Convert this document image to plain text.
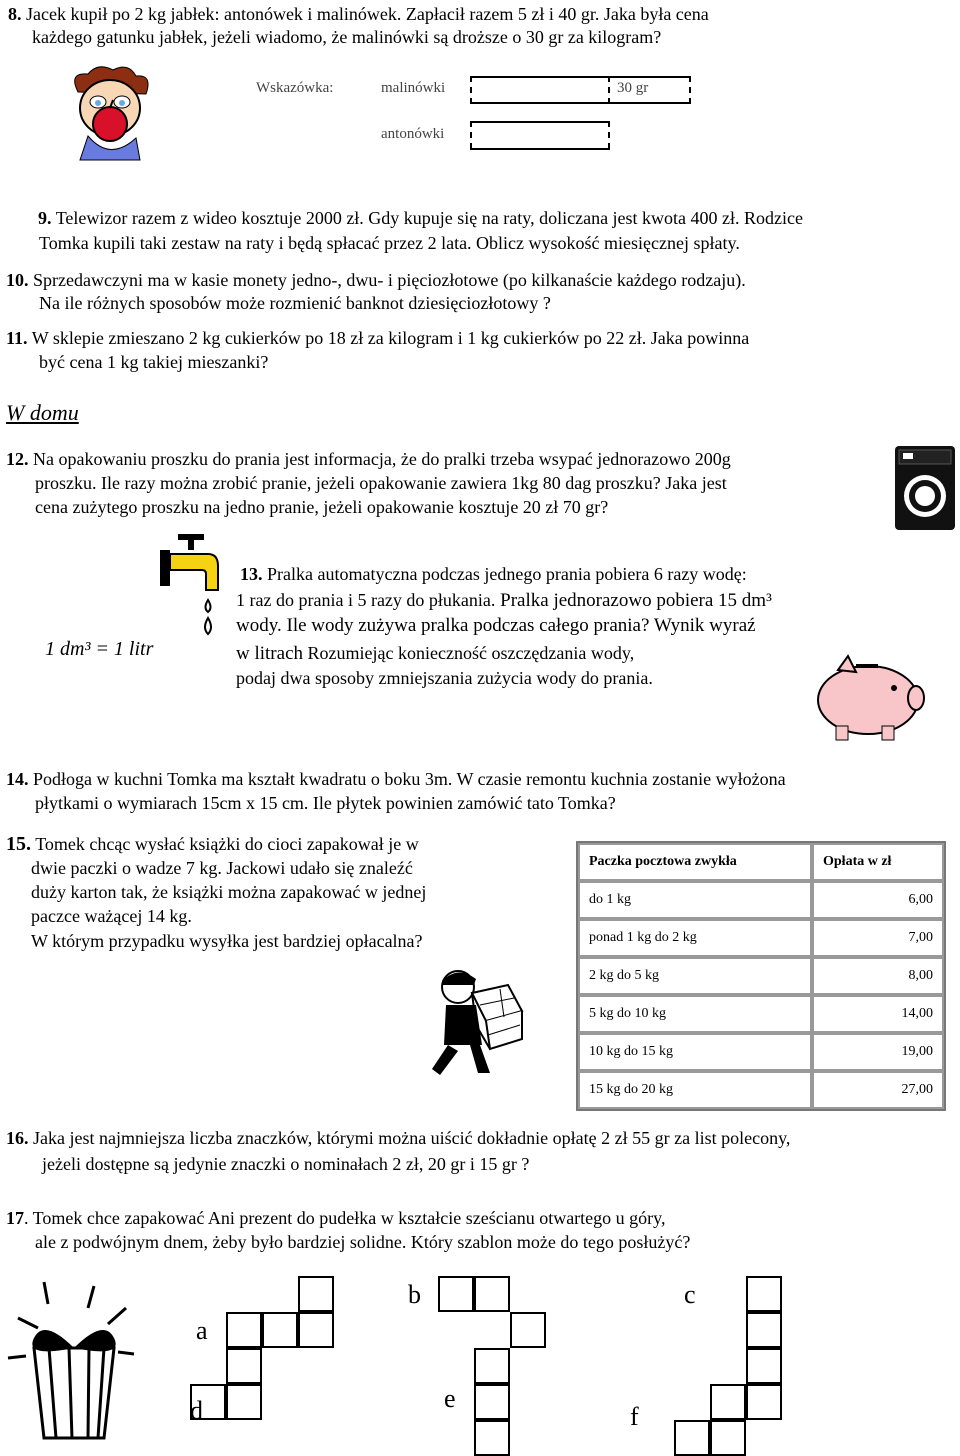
8. Jacek kupił po 2 kg jabłek: antonówek i malinówek. Zapłacił razem 5 zł i 40 gr. Jaka była cena
każdego gatunku jabłek, jeżeli wiadomo, że malinówki są droższe o 30 gr za kilogram?
Wskazówka:	malinówki
antonówki
30 gr
9. Telewizor razem z wideo kosztuje 2000 zł. Gdy kupuje się na raty, doliczana jest kwota 400 zł. Rodzice
Tomka kupili taki zestaw na raty i będą spłacać przez 2 lata. Oblicz wysokość miesięcznej spłaty.
10. Sprzedawczyni ma w kasie monety jedno-, dwu- i pięciozłotowe (po kilkanaście każdego rodzaju).
Na ile różnych sposobów może rozmienić banknot dziesięciozłotowy ?
11. W sklepie zmieszano 2 kg cukierków po 18 zł za kilogram i 1 kg cukierków po 22 zł. Jaka powinna
być cena 1 kg takiej mieszanki?
W domu
12. Na opakowaniu proszku do prania jest informacja, że do pralki trzeba wsypać jednorazowo 200g
proszku. Ile razy można zrobić pranie, jeżeli opakowanie zawiera 1kg 80 dag proszku? Jaka jest
cena zużytego proszku na jedno pranie, jeżeli opakowanie kosztuje 20 zł 70 gr?
13. Pralka automatyczna podczas jednego prania pobiera 6 razy wodę:
1 raz do prania i 5 razy do płukania. Pralka jednorazowo pobiera 15 dm³
wody. Ile wody zużywa pralka podczas całego prania? Wynik wyraź
w litrach Rozumiejąc konieczność oszczędzania wody,
podaj dwa sposoby zmniejszania zużycia wody do prania.
1 dm³ = 1 litr
14. Podłoga w kuchni Tomka ma kształt kwadratu o boku 3m. W czasie remontu kuchnia zostanie wyłożona
płytkami o wymiarach 15cm x 15 cm. Ile płytek powinien zamówić tato Tomka?
15. Tomek chcąc wysłać książki do cioci zapakował je w
dwie paczki o wadze 7 kg. Jackowi udało się znaleźć
duży karton tak, że książki można zapakować w jednej
paczce ważącej 14 kg.
W którym przypadku wysyłka jest bardziej opłacalna?
Paczka pocztowa zwykła	Opłata w zł
do 1 kg	6,00
ponad 1 kg do 2 kg	7,00
2 kg do 5 kg	8,00
5 kg do 10 kg	14,00
10 kg do 15 kg	19,00
15 kg do 20 kg	27,00
16. Jaka jest najmniejsza liczba znaczków, którymi można uiścić dokładnie opłatę 2 zł 55 gr za list polecony,
jeżeli dostępne są jedynie znaczki o nominałach 2 zł, 20 gr i 15 gr ?
17. Tomek chce zapakować Ani prezent do pudełka w kształcie sześcianu otwartego u góry,
ale z podwójnym dnem, żeby było bardziej solidne. Który szablon może do tego posłużyć?
a
d
b
e
c
f
